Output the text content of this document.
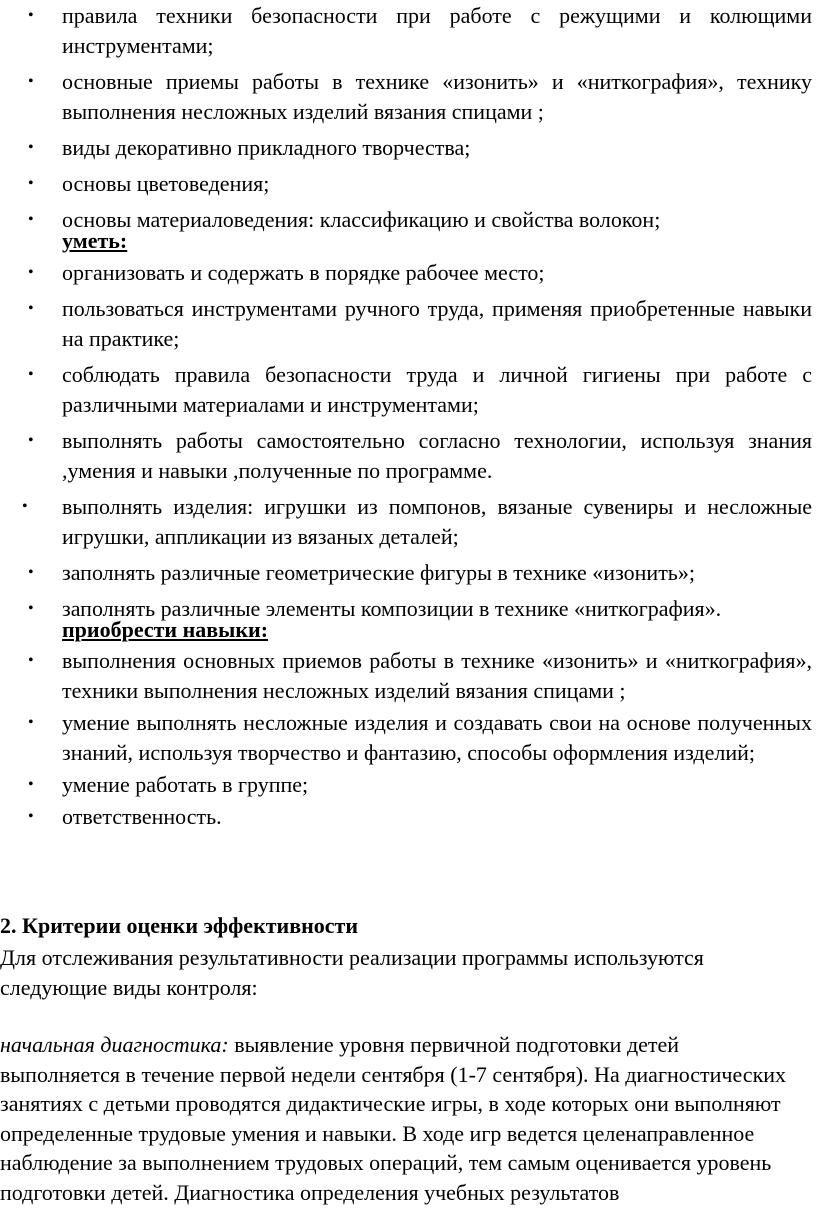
• правила техники безопасности при работе с режущими и колющими инструментами;
• основные приемы работы в технике «изонить» и «ниткография», технику выполнения несложных изделий вязания спицами ;
• виды декоративно прикладного творчества;
• основы цветоведения;
• основы материаловедения: классификацию и свойства волокон;
уметь:
• организовать и содержать в порядке рабочее место;
• пользоваться инструментами ручного труда, применяя приобретенные навыки на практике;
• соблюдать правила безопасности труда и личной гигиены при работе с различными материалами и инструментами;
• выполнять работы самостоятельно согласно технологии, используя знания ,умения и навыки ,полученные по программе.
• выполнять изделия: игрушки из помпонов, вязаные сувениры и несложные игрушки, аппликации из вязаных деталей;
• заполнять различные геометрические фигуры в технике «изонить»;
• заполнять различные элементы композиции в технике «ниткография».
приобрести навыки:
• выполнения основных приемов работы в технике «изонить» и «ниткография», техники выполнения несложных изделий вязания спицами ;
• умение выполнять несложные изделия и создавать свои на основе полученных знаний, используя творчество и фантазию, способы оформления изделий;
• умение работать в группе;
• ответственность.
2. Критерии оценки эффективности
Для отслеживания результативности реализации программы используются следующие виды контроля:
начальная диагностика: выявление уровня первичной подготовки детей выполняется в течение первой недели сентября (1-7 сентября). На диагностических занятиях с детьми проводятся дидактические игры, в ходе которых они выполняют определенные трудовые умения и навыки. В ходе игр ведется целенаправленное наблюдение за выполнением трудовых операций, тем самым оценивается уровень подготовки детей. Диагностика определения учебных результатов
